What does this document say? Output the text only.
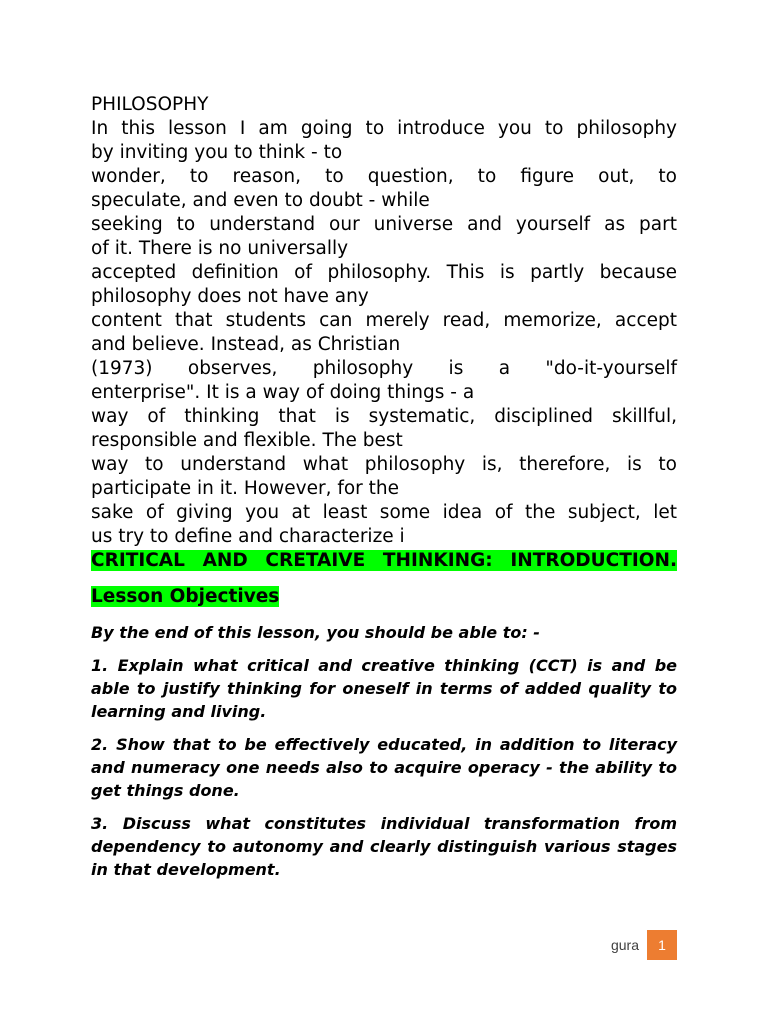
PHILOSOPHY

In this lesson I am going to introduce you to philosophy

by inviting you to think - to

wonder, to reason, to question, to figure out, to

speculate, and even to doubt - while

seeking to understand our universe and yourself as part

of it. There is no universally

accepted definition of philosophy. This is partly because

philosophy does not have any

content that students can merely read, memorize, accept

and believe. Instead, as Christian

(1973) observes, philosophy is a "do-it-yourself

enterprise". It is a way of doing things - a

way of thinking that is systematic, disciplined skillful,

responsible and flexible. The best

way to understand what philosophy is, therefore, is to

participate in it. However, for the

sake of giving you at least some idea of the subject, let

us try to define and characterize i

CRITICAL AND CRETAIVE THINKING: INTRODUCTION.

Lesson Objectives

By the end of this lesson, you should be able to: -

1. Explain what critical and creative thinking (CCT) is and be able to justify thinking for oneself in terms of added quality to learning and living.

2. Show that to be effectively educated, in addition to literacy and numeracy one needs also to acquire operacy - the ability to get things done.

3. Discuss what constitutes individual transformation from dependency to autonomy and clearly distinguish various stages in that development.

gura	1
